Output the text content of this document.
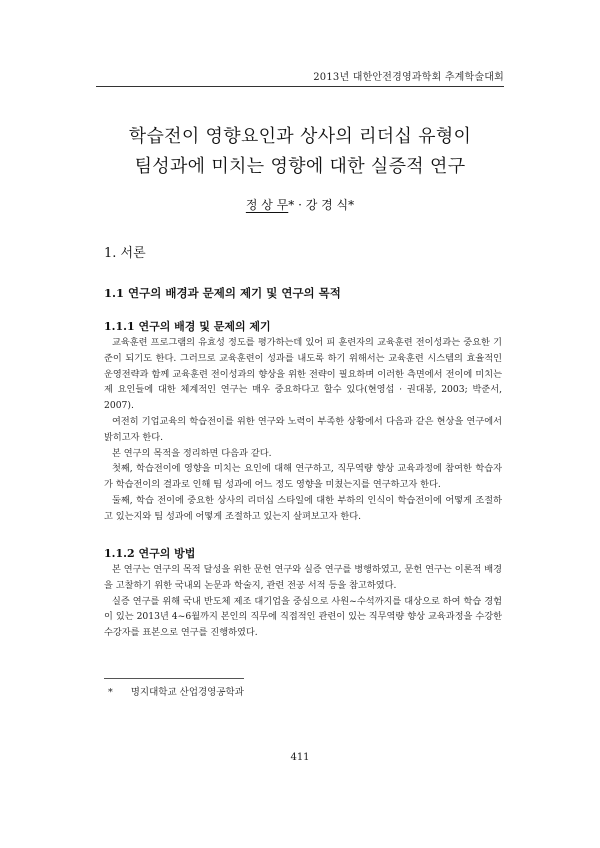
2013년 대한안전경영과학회 추계학술대회
학습전이 영향요인과 상사의 리더십 유형이
팀성과에 미치는 영향에 대한 실증적 연구
정 상 무* · 강 경 식*
1. 서론
1.1 연구의 배경과 문제의 제기 및 연구의 목적
1.1.1 연구의 배경 및 문제의 제기

교육훈련 프로그램의 유효성 정도를 평가하는데 있어 피 훈련자의 교육훈련 전이성과는 중요한 기준이 되기도 한다. 그러므로 교육훈련이 성과를 내도록 하기 위해서는 교육훈련 시스템의 효율적인 운영전략과 함께 교육훈련 전이성과의 향상을 위한 전략이 필요하며 이러한 측면에서 전이에 미치는 제 요인들에 대한 체계적인 연구는 매우 중요하다고 할수 있다(현영섭 · 권대봉, 2003; 박준서, 2007).

여전히 기업교육의 학습전이를 위한 연구와 노력이 부족한 상황에서 다음과 같은 현상을 연구에서 밝히고자 한다.

본 연구의 목적을 정리하면 다음과 같다.

첫째, 학습전이에 영향을 미치는 요인에 대해 연구하고, 직무역량 향상 교육과정에 참여한 학습자가 학습전이의 결과로 인해 팀 성과에 어느 정도 영향을 미쳤는지를 연구하고자 한다.

둘째, 학습 전이에 중요한 상사의 리더십 스타일에 대한 부하의 인식이 학습전이에 어떻게 조절하고 있는지와 팀 성과에 어떻게 조절하고 있는지 살펴보고자 한다.

1.1.2 연구의 방법

본 연구는 연구의 목적 달성을 위한 문헌 연구와 실증 연구를 병행하였고, 문헌 연구는 이론적 배경을 고찰하기 위한 국내외 논문과 학술지, 관련 전공 서적 등을 참고하였다.

실증 연구를 위해 국내 반도체 제조 대기업을 중심으로 사원~수석까지를 대상으로 하여 학습 경험이 있는 2013년 4~6월까지 본인의 직무에 직접적인 관련이 있는 직무역량 향상 교육과정을 수강한 수강자를 표본으로 연구를 진행하였다.

* 명지대학교 산업경영공학과
411
